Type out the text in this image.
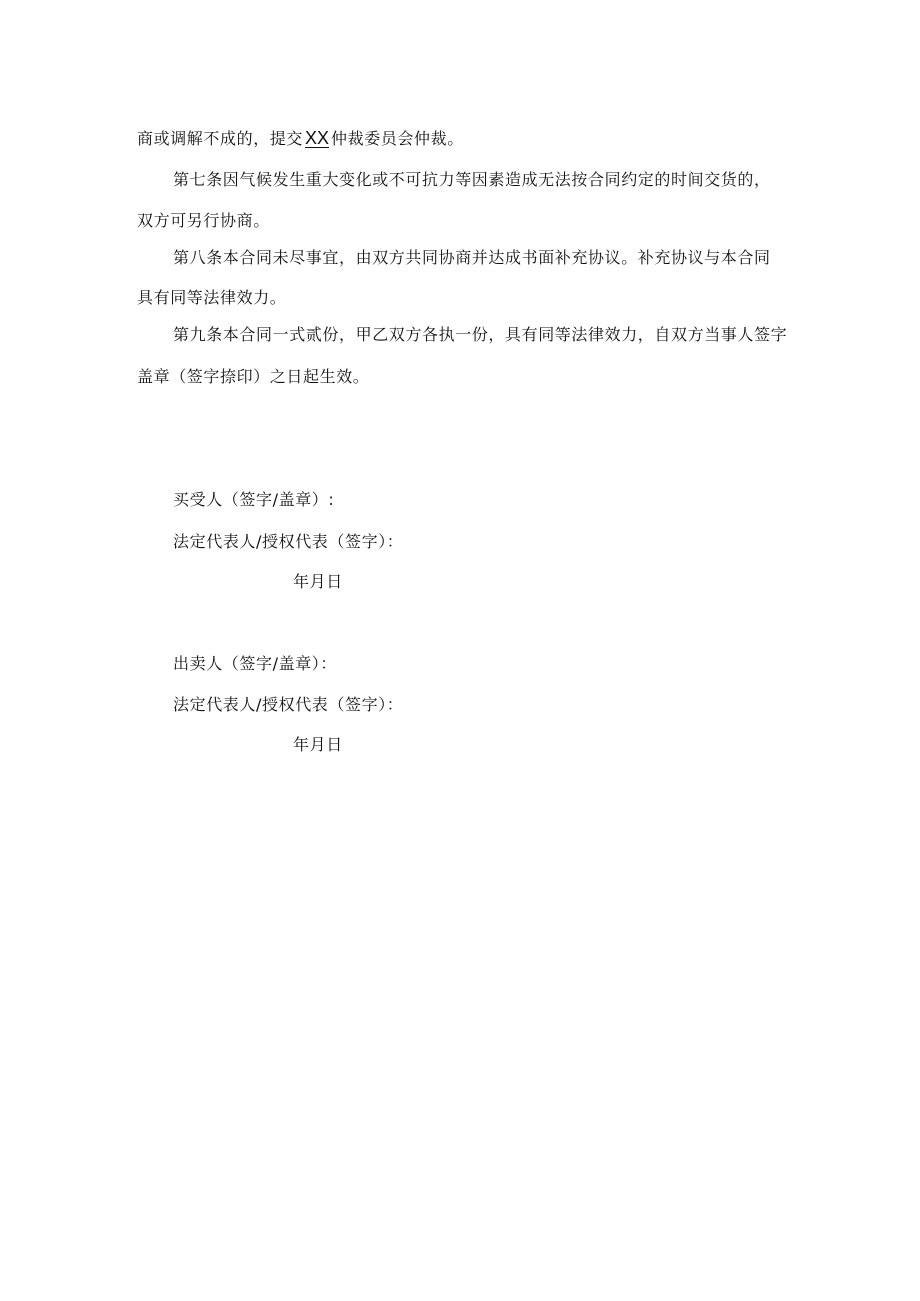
商或调解不成的，提交 XX 仲裁委员会仲裁。
第七条因气候发生重大变化或不可抗力等因素造成无法按合同约定的时间交货的，
双方可另行协商。
第八条本合同未尽事宜，由双方共同协商并达成书面补充协议。补充协议与本合同
具有同等法律效力。
第九条本合同一式贰份，甲乙双方各执一份，具有同等法律效力，自双方当事人签字
盖章（签字捺印）之日起生效。
买受人（签字/盖章）:
法定代表人/授权代表（签字）：
年月日
出卖人（签字/盖章）：
法定代表人/授权代表（签字）：
年月日
